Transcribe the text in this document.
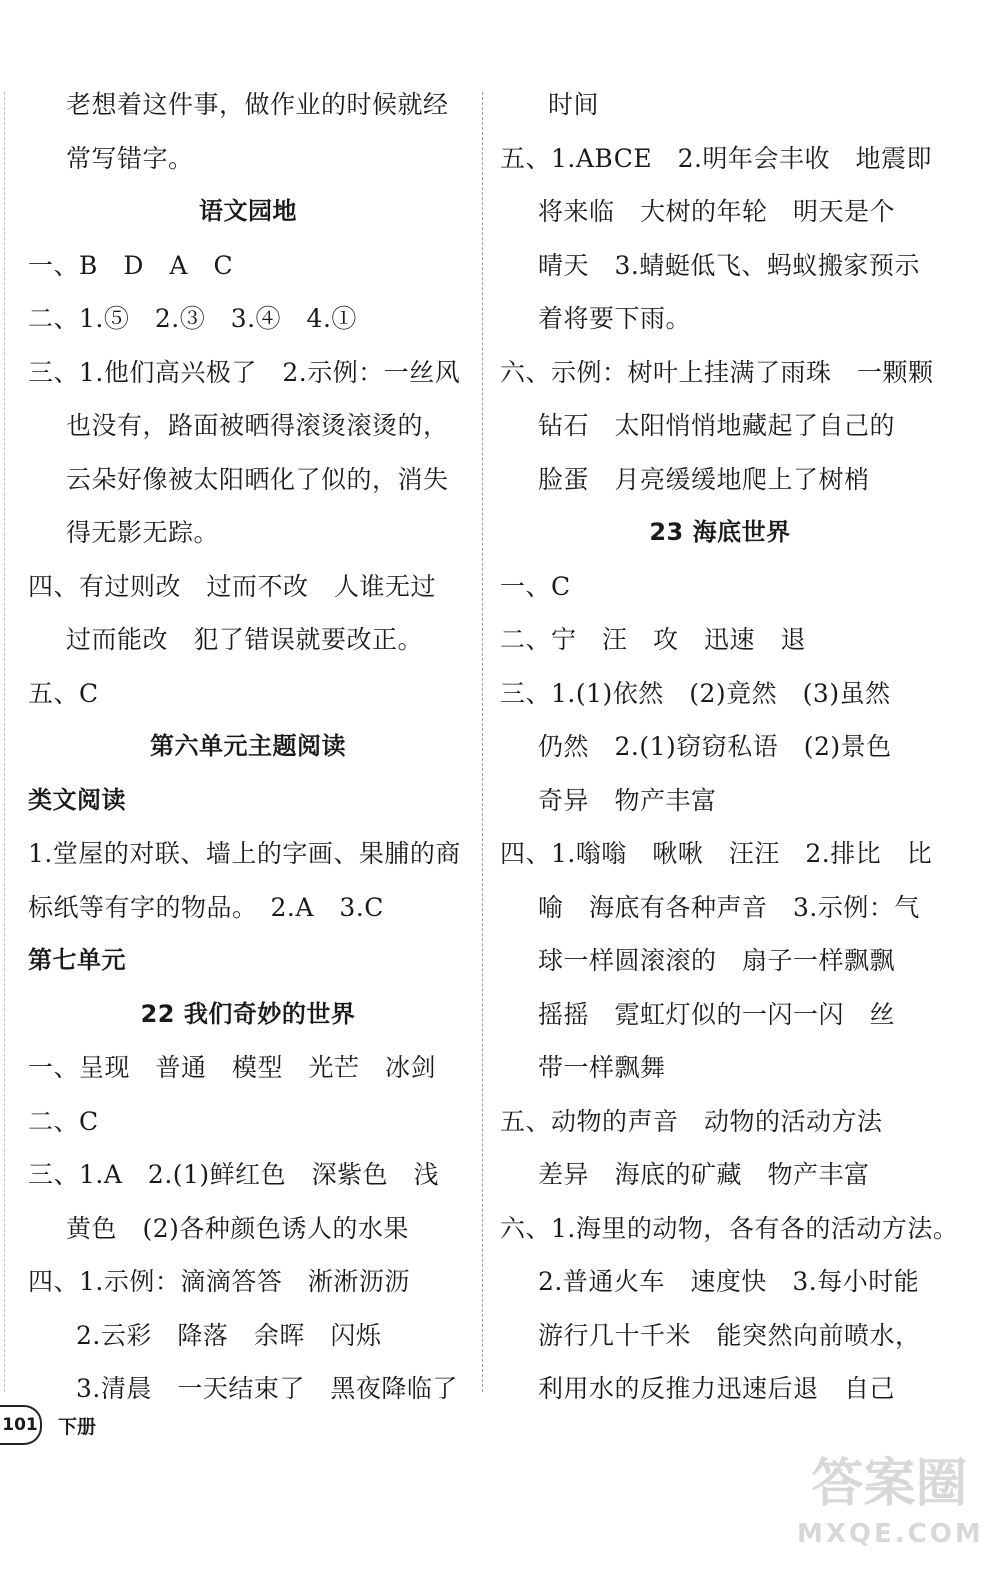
老想着这件事，做作业的时候就经
常写错字。
语文园地
一、B　D　A　C
二、1.⑤　2.③　3.④　4.①
三、1.他们高兴极了　2.示例：一丝风
也没有，路面被晒得滚烫滚烫的，
云朵好像被太阳晒化了似的，消失
得无影无踪。
四、有过则改　过而不改　人谁无过
过而能改　犯了错误就要改正。
五、C
第六单元主题阅读
类文阅读
1.堂屋的对联、墙上的字画、果脯的商
标纸等有字的物品。　2.A　3.C
第七单元
22 我们奇妙的世界
一、呈现　普通　模型　光芒　冰剑
二、C
三、1.A　2.(1)鲜红色　深紫色　浅
黄色　(2)各种颜色诱人的水果
四、1.示例：滴滴答答　淅淅沥沥
2.云彩　降落　余晖　闪烁
3.清晨　一天结束了　黑夜降临了
时间
五、1.ABCE　2.明年会丰收　地震即
将来临　大树的年轮　明天是个
晴天　3.蜻蜓低飞、蚂蚁搬家预示
着将要下雨。
六、示例：树叶上挂满了雨珠　一颗颗
钻石　太阳悄悄地藏起了自己的
脸蛋　月亮缓缓地爬上了树梢
23 海底世界
一、C
二、宁　汪　攻　迅速　退
三、1.(1)依然　(2)竟然　(3)虽然
仍然　2.(1)窃窃私语　(2)景色
奇异　物产丰富
四、1.嗡嗡　啾啾　汪汪　2.排比　比
喻　海底有各种声音　3.示例：气
球一样圆滚滚的　扇子一样飘飘
摇摇　霓虹灯似的一闪一闪　丝
带一样飘舞
五、动物的声音　动物的活动方法
差异　海底的矿藏　物产丰富
六、1.海里的动物，各有各的活动方法。
2.普通火车　速度快　3.每小时能
游行几十千米　能突然向前喷水，
利用水的反推力迅速后退　自己
101 下册
答案圈
MXQE.COM
